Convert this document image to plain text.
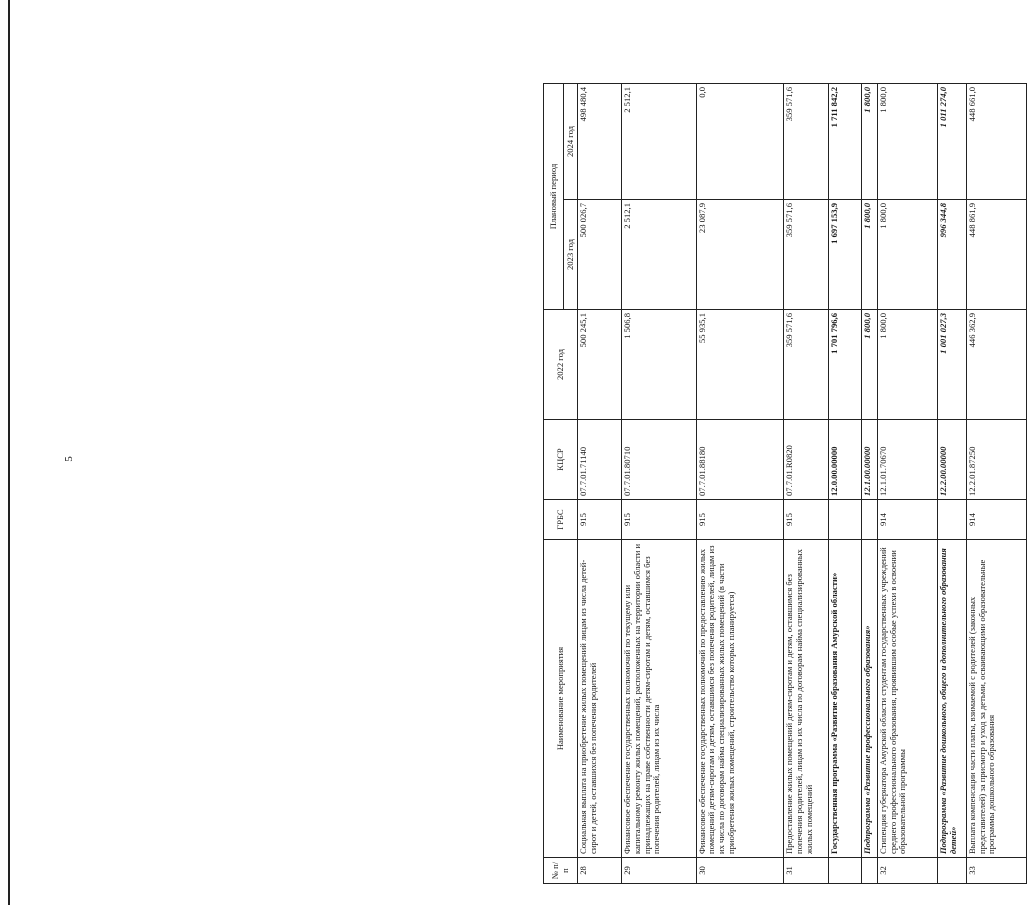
5
№ п/п	Наименование мероприятия	ГРБС	КЦСР	2022 год	Плановый период	
					2023 год	2024 год
28	Социальная выплата на приобретение жилых помещений лицам из числа детей-сирот и детей, оставшихся без попечения родителей	915	07.7.01.71140	500 245,1	500 026,7	498 480,4
29	Финансовое обеспечение государственных полномочий по текущему или капитальному ремонту жилых помещений, расположенных на территории области и принадлежащих на праве собственности детям-сиротам и детям, оставшимся без попечения родителей, лицам из их числа	915	07.7.01.80710	1 506,8	2 512,1	2 512,1
30	Финансовое обеспечение государственных полномочий по предоставлению жилых помещений детям-сиротам и детям, оставшимся без попечения родителей, лицам из их числа по договорам найма специализированных жилых помещений (в части приобретения жилых помещений, строительство которых планируется)	915	07.7.01.88180	55 935,1	23 087,9	0,0
31	Предоставление жилых помещений детям-сиротам и детям, оставшимся без попечения родителей, лицам из их числа по договорам найма специализированных жилых помещений	915	07.7.01.R0820	359 571,6	359 571,6	359 571,6
	Государственная программа «Развитие образования Амурской области»		12.0.00.00000	1 701 796,6	1 697 153,9	1 711 842,2
	Подпрограмма «Развитие профессионального образования»		12.1.00.00000	1 800,0	1 800,0	1 800,0
32	Стипендия губернатора Амурской области студентам государственных учреждений среднего профессионального образования, проявившим особые успехи в освоении образовательной программы	914	12.1.01.70670	1 800,0	1 800,0	1 800,0
	Подпрограмма «Развитие дошкольного, общего и дополнительного образования детей»		12.2.00.00000	1 001 027,3	996 344,8	1 011 274,0
33	Выплата компенсации части платы, взимаемой с родителей (законных представителей) за присмотр и уход за детьми, осваивающими образовательные программы дошкольного образования	914	12.2.01.87250	446 362,9	448 861,9	448 661,0
